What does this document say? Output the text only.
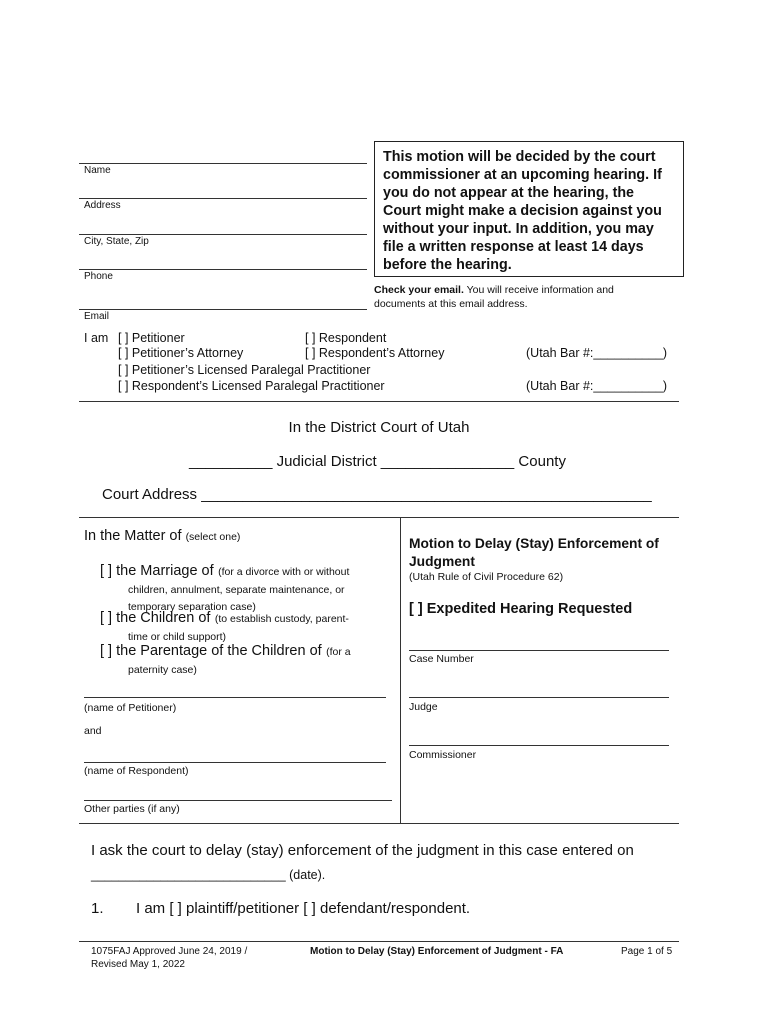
Name
Address
City, State, Zip
Phone
Email
This motion will be decided by the court commissioner at an upcoming hearing. If you do not appear at the hearing, the Court might make a decision against you without your input. In addition, you may file a written response at least 14 days before the hearing.
Check your email. You will receive information and
documents at this email address.
I am [ ] Petitioner	[ ] Respondent
[ ] Petitioner’s Attorney	[ ] Respondent’s Attorney	(Utah Bar #:__________)
[ ] Petitioner’s Licensed Paralegal Practitioner
[ ] Respondent’s Licensed Paralegal Practitioner	(Utah Bar #:__________)
In the District Court of Utah
__________ Judicial District ________________ County
Court Address ______________________________________________________
In the Matter of (select one)
[ ] the Marriage of (for a divorce with or without
children, annulment, separate maintenance, or
temporary separation case)
[ ] the Children of (to establish custody, parent-
time or child support)
[ ] the Parentage of the Children of (for a
paternity case)
(name of Petitioner)
and
(name of Respondent)
Other parties (if any)
Motion to Delay (Stay) Enforcement of Judgment
(Utah Rule of Civil Procedure 62)
[ ] Expedited Hearing Requested
Case Number
Judge
Commissioner
I ask the court to delay (stay) enforcement of the judgment in this case entered on
____________________________ (date).
1. I am [ ] plaintiff/petitioner [ ] defendant/respondent.
1075FAJ Approved June 24, 2019 /
Revised May 1, 2022
Motion to Delay (Stay) Enforcement of Judgment - FA	Page 1 of 5
